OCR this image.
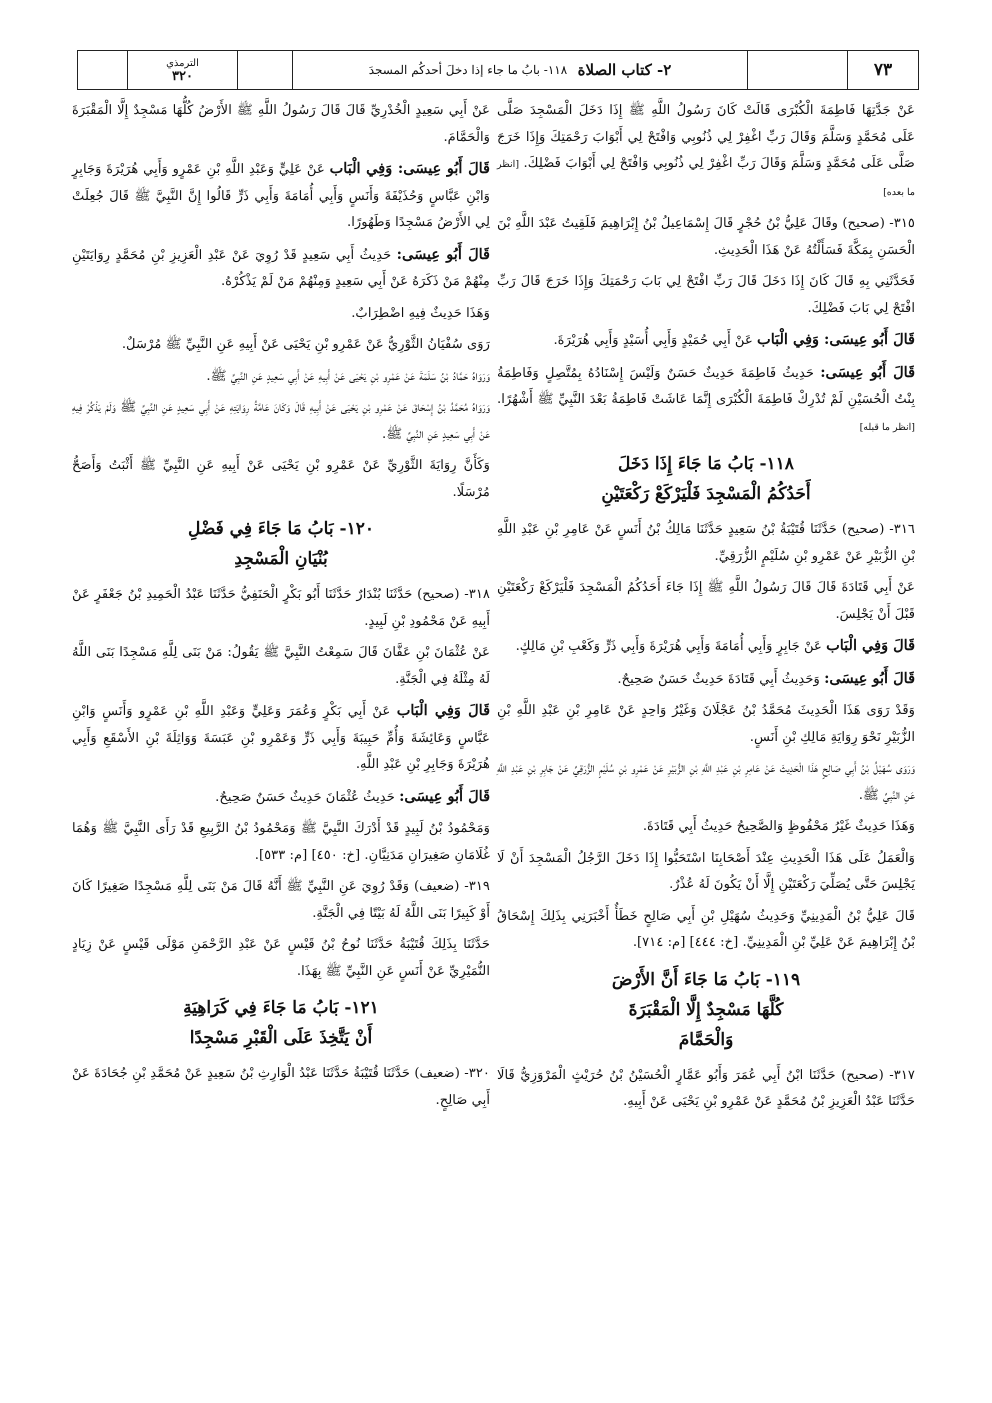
الترمذي
٣٢٠	٢- كتاب الصلاة

١١٨- بابُ ما جاء إذا دخلَ أحدكُم المسجدَ	٧٣

عَنْ جَدَّتِهَا فَاطِمَةَ الْكُبْرَى قَالَتْ كَانَ رَسُولُ اللَّهِ ﷺ إِذَا دَخَلَ الْمَسْجِدَ صَلَّى عَلَى مُحَمَّدٍ وَسَلَّمَ وَقَالَ رَبِّ اغْفِرْ لِي ذُنُوبِي وَافْتَحْ لِي أَبْوَابَ رَحْمَتِكَ وَإِذَا خَرَجَ صَلَّى عَلَى مُحَمَّدٍ وَسَلَّمَ وَقَالَ رَبِّ اغْفِرْ لِي ذُنُوبِي وَافْتَحْ لِي أَبْوَابَ فَضْلِكَ. [انظر ما بعده]

٣١٥- (صحيح) وقَالَ عَلِيُّ بْنُ حُجْرٍ قَالَ إِسْمَاعِيلُ بْنُ إِبْرَاهِيمَ فَلَقِيتُ عَبْدَ اللَّهِ بْنَ الْحَسَنِ بِمَكَّةَ فَسَأَلْتُهُ عَنْ هَذَا الْحَدِيثِ.

فَحَدَّثَنِي بِهِ قَالَ كَانَ إِذَا دَخَلَ قَالَ رَبِّ افْتَحْ لِي بَابَ رَحْمَتِكَ وَإِذَا خَرَجَ قَالَ رَبِّ افْتَحْ لِي بَابَ فَضْلِكَ.

قَالَ أَبُو عِيسَى: وَفِي الْبَاب عَنْ أَبِي حُمَيْدٍ وَأَبِي أُسَيْدٍ وَأَبِي هُرَيْرَةَ.

قَالَ أَبُو عِيسَى: حَدِيثُ فَاطِمَةَ حَدِيثٌ حَسَنٌ وَلَيْسَ إِسْنَادُهُ بِمُتَّصِلٍ وَفَاطِمَةُ بِنْتُ الْحُسَيْنِ لَمْ تُدْرِكْ فَاطِمَةَ الْكُبْرَى إِنَّمَا عَاشَتْ فَاطِمَةُ بَعْدَ النَّبِيِّ ﷺ أَشْهُرًا. [انظر ما قبله]

١١٨- بَابُ مَا جَاءَ إِذَا دَخَلَ
أَحَدُكُمُ الْمَسْجِدَ فَلْيَرْكَعْ رَكْعَتَيْنِ

٣١٦- (صحيح) حَدَّثَنَا قُتَيْبَةُ بْنُ سَعِيدٍ حَدَّثَنَا مَالِكُ بْنُ أَنَسٍ عَنْ عَامِرِ بْنِ عَبْدِ اللَّهِ بْنِ الزُّبَيْرِ عَنْ عَمْرِو بْنِ سُلَيْمٍ الزُّرَقِيِّ.

عَنْ أَبِي قَتَادَةَ قَالَ قَالَ رَسُولُ اللَّهِ ﷺ إِذَا جَاءَ أَحَدُكُمُ الْمَسْجِدَ فَلْيَرْكَعْ رَكْعَتَيْنِ قَبْلَ أَنْ يَجْلِسَ.

قَالَ وَفِي الْبَاب عَنْ جَابِرٍ وَأَبِي أُمَامَةَ وَأَبِي هُرَيْرَةَ وَأَبِي ذَرٍّ وَكَعْبِ بْنِ مَالِكٍ.

قَالَ أَبُو عِيسَى: وَحَدِيثُ أَبِي قَتَادَةَ حَدِيثٌ حَسَنٌ صَحِيحٌ.

وَقَدْ رَوَى هَذَا الْحَدِيثَ مُحَمَّدُ بْنُ عَجْلَانَ وَغَيْرُ وَاحِدٍ عَنْ عَامِرِ بْنِ عَبْدِ اللَّهِ بْنِ الزُّبَيْرِ نَحْوَ رِوَايَةِ مَالِكِ بْنِ أَنَسٍ.

وَرَوَى سُهَيْلُ بْنُ أَبِي صَالِحٍ هَذَا الْحَدِيثَ عَنْ عَامِرِ بْنِ عَبْدِ اللَّهِ بْنِ الزُّبَيْرِ عَنْ عَمْرِو بْنِ سُلَيْمٍ الزُّرَقِيِّ عَنْ جَابِرِ بْنِ عَبْدِ اللَّهِ عَنِ النَّبِيِّ ﷺ.

وَهَذَا حَدِيثٌ غَيْرُ مَحْفُوظٍ وَالصَّحِيحُ حَدِيثُ أَبِي قَتَادَةَ.

وَالْعَمَلُ عَلَى هَذَا الْحَدِيثِ عِنْدَ أَصْحَابِنَا اسْتَحَبُّوا إِذَا دَخَلَ الرَّجُلُ الْمَسْجِدَ أَنْ لَا يَجْلِسَ حَتَّى يُصَلِّيَ رَكْعَتَيْنِ إِلَّا أَنْ يَكُونَ لَهُ عُذْرٌ.

قَالَ عَلِيُّ بْنُ الْمَدِينِيِّ وَحَدِيثُ سُهَيْلِ بْنِ أَبِي صَالِحٍ خَطَأٌ أَخْبَرَنِي بِذَلِكَ إِسْحَاقُ بْنُ إِبْرَاهِيمَ عَنْ عَلِيِّ بْنِ الْمَدِينِيِّ. [خ: ٤٤٤] [م: ٧١٤].

١١٩- بَابُ مَا جَاءَ أَنَّ الأَرْضَ
كُلَّهَا مَسْجِدٌ إِلَّا الْمَقْبَرَةَ
وَالْحَمَّامَ

٣١٧- (صحيح) حَدَّثَنَا ابْنُ أَبِي عُمَرَ وَأَبُو عَمَّارٍ الْحُسَيْنُ بْنُ حُرَيْثٍ الْمَرْوَزِيُّ قَالَا حَدَّثَنَا عَبْدُ الْعَزِيزِ بْنُ مُحَمَّدٍ عَنْ عَمْرِو بْنِ يَحْيَى عَنْ أَبِيهِ.

عَنْ أَبِي سَعِيدٍ الْخُدْرِيِّ قَالَ قَالَ رَسُولُ اللَّهِ ﷺ الأَرْضُ كُلُّهَا مَسْجِدٌ إِلَّا الْمَقْبَرَةَ وَالْحَمَّامَ.

قَالَ أَبُو عِيسَى: وَفِي الْبَاب عَنْ عَلِيٍّ وَعَبْدِ اللَّهِ بْنِ عَمْرٍو وَأَبِي هُرَيْرَةَ وَجَابِرٍ وَابْنِ عَبَّاسٍ وَحُذَيْفَةَ وَأَنَسٍ وَأَبِي أُمَامَةَ وَأَبِي ذَرٍّ قَالُوا إِنَّ النَّبِيَّ ﷺ قَالَ جُعِلَتْ لِي الأَرْضُ مَسْجِدًا وَطَهُورًا.

قَالَ أَبُو عِيسَى: حَدِيثُ أَبِي سَعِيدٍ قَدْ رُوِيَ عَنْ عَبْدِ الْعَزِيزِ بْنِ مُحَمَّدٍ رِوَايَتَيْنِ مِنْهُمْ مَنْ ذَكَرَهُ عَنْ أَبِي سَعِيدٍ وَمِنْهُمْ مَنْ لَمْ يَذْكُرْهُ.

وَهَذَا حَدِيثٌ فِيهِ اضْطِرَابٌ.

رَوَى سُفْيَانُ الثَّوْرِيُّ عَنْ عَمْرِو بْنِ يَحْيَى عَنْ أَبِيهِ عَنِ النَّبِيِّ ﷺ مُرْسَلٌ.

وَرَوَاهُ حَمَّادُ بْنُ سَلَمَةَ عَنْ عَمْرِو بْنِ يَحْيَى عَنْ أَبِيهِ عَنْ أَبِي سَعِيدٍ عَنِ النَّبِيِّ ﷺ.

وَرَوَاهُ مُحَمَّدُ بْنُ إِسْحَاقَ عَنْ عَمْرِو بْنِ يَحْيَى عَنْ أَبِيهِ قَالَ وَكَانَ عَامَّةُ رِوَايَتِهِ عَنْ أَبِي سَعِيدٍ عَنِ النَّبِيِّ ﷺ وَلَمْ يَذْكُرْ فِيهِ عَنْ أَبِي سَعِيدٍ عَنِ النَّبِيِّ ﷺ.

وَكَأَنَّ رِوَايَةَ الثَّوْرِيِّ عَنْ عَمْرِو بْنِ يَحْيَى عَنْ أَبِيهِ عَنِ النَّبِيِّ ﷺ أَثْبَتُ وَأَصَحُّ مُرْسَلًا.

١٢٠- بَابُ مَا جَاءَ فِي فَضْلِ
بُنْيَانِ الْمَسْجِدِ

٣١٨- (صحيح) حَدَّثَنَا بُنْدَارٌ حَدَّثَنَا أَبُو بَكْرٍ الْحَنَفِيُّ حَدَّثَنَا عَبْدُ الْحَمِيدِ بْنُ جَعْفَرٍ عَنْ أَبِيهِ عَنْ مَحْمُودِ بْنِ لَبِيدٍ.

عَنْ عُثْمَانَ بْنِ عَفَّانَ قَالَ سَمِعْتُ النَّبِيَّ ﷺ يَقُولُ: مَنْ بَنَى لِلَّهِ مَسْجِدًا بَنَى اللَّهُ لَهُ مِثْلَهُ فِي الْجَنَّةِ.

قَالَ وَفِي الْبَاب عَنْ أَبِي بَكْرٍ وَعُمَرَ وَعَلِيٍّ وَعَبْدِ اللَّهِ بْنِ عَمْرٍو وَأَنَسٍ وَابْنِ عَبَّاسٍ وَعَائِشَةَ وَأُمِّ حَبِيبَةَ وَأَبِي ذَرٍّ وَعَمْرِو بْنِ عَبَسَةَ وَوَاثِلَةَ بْنِ الأَسْقَعِ وَأَبِي هُرَيْرَةَ وَجَابِرِ بْنِ عَبْدِ اللَّهِ.

قَالَ أَبُو عِيسَى: حَدِيثُ عُثْمَانَ حَدِيثٌ حَسَنٌ صَحِيحٌ.

وَمَحْمُودُ بْنُ لَبِيدٍ قَدْ أَدْرَكَ النَّبِيَّ ﷺ وَمَحْمُودُ بْنُ الرَّبِيعِ قَدْ رَأَى النَّبِيَّ ﷺ وَهُمَا غُلَامَانِ صَغِيرَانِ مَدَنِيَّانِ. [خ: ٤٥٠] [م: ٥٣٣].

٣١٩- (ضعيف) وَقَدْ رُوِيَ عَنِ النَّبِيِّ ﷺ أَنَّهُ قَالَ مَنْ بَنَى لِلَّهِ مَسْجِدًا صَغِيرًا كَانَ أَوْ كَبِيرًا بَنَى اللَّهُ لَهُ بَيْتًا فِي الْجَنَّةِ.

حَدَّثَنَا بِذَلِكَ قُتَيْبَةُ حَدَّثَنَا نُوحُ بْنُ قَيْسٍ عَنْ عَبْدِ الرَّحْمَنِ مَوْلَى قَيْسٍ عَنْ زِيَادٍ النُّمَيْرِيِّ عَنْ أَنَسٍ عَنِ النَّبِيِّ ﷺ بِهَذَا.

١٢١- بَابُ مَا جَاءَ فِي كَرَاهِيَةِ
أَنْ يَتَّخِذَ عَلَى الْقَبْرِ مَسْجِدًا

٣٢٠- (ضعيف) حَدَّثَنَا قُتَيْبَةُ حَدَّثَنَا عَبْدُ الْوَارِثِ بْنُ سَعِيدٍ عَنْ مُحَمَّدِ بْنِ جُحَادَةَ عَنْ أَبِي صَالِحٍ.
